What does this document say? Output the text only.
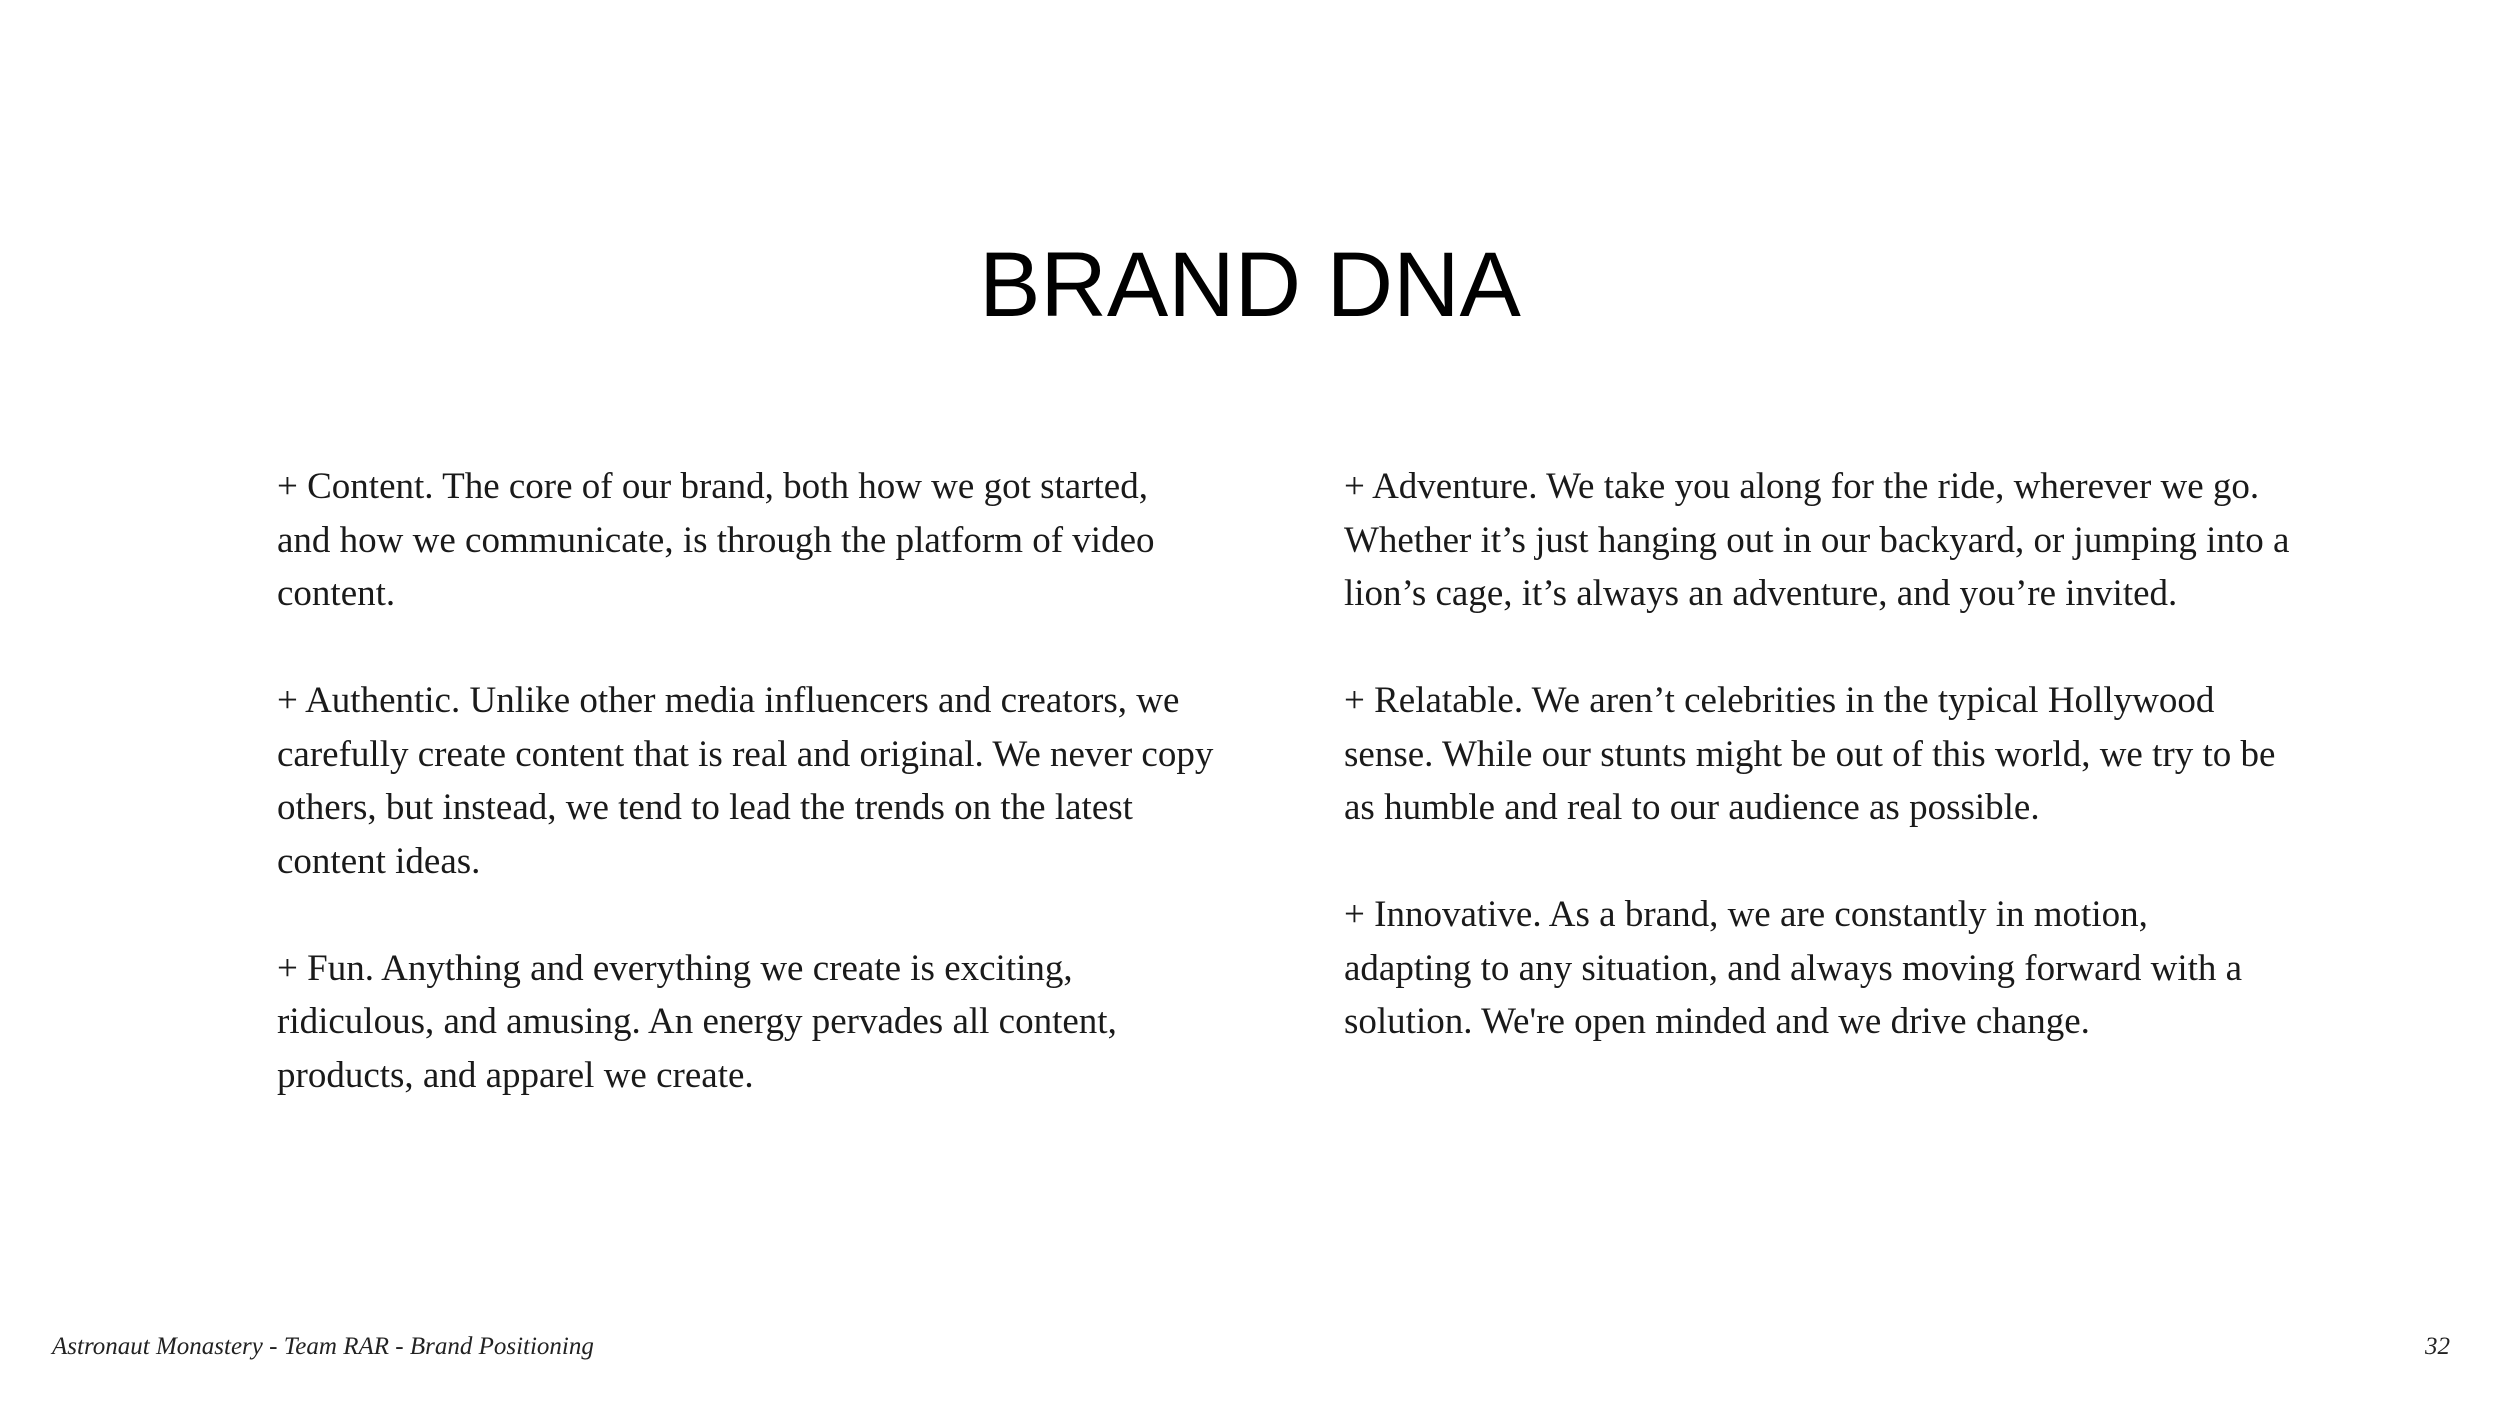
BRAND DNA

+ Content. The core of our brand, both how we got started,
and how we communicate, is through the platform of video
content.

+ Authentic. Unlike other media influencers and creators, we
carefully create content that is real and original. We never copy
others, but instead, we tend to lead the trends on the latest
content ideas.

+ Fun. Anything and everything we create is exciting,
ridiculous, and amusing. An energy pervades all content,
products, and apparel we create.

+ Adventure. We take you along for the ride, wherever we go.
Whether it’s just hanging out in our backyard, or jumping into a
lion’s cage, it’s always an adventure, and you’re invited.

+ Relatable. We aren’t celebrities in the typical Hollywood
sense. While our stunts might be out of this world, we try to be
as humble and real to our audience as possible.

+ Innovative. As a brand, we are constantly in motion,
adapting to any situation, and always moving forward with a
solution. We're open minded and we drive change.

Astronaut Monastery - Team RAR - Brand Positioning	32
